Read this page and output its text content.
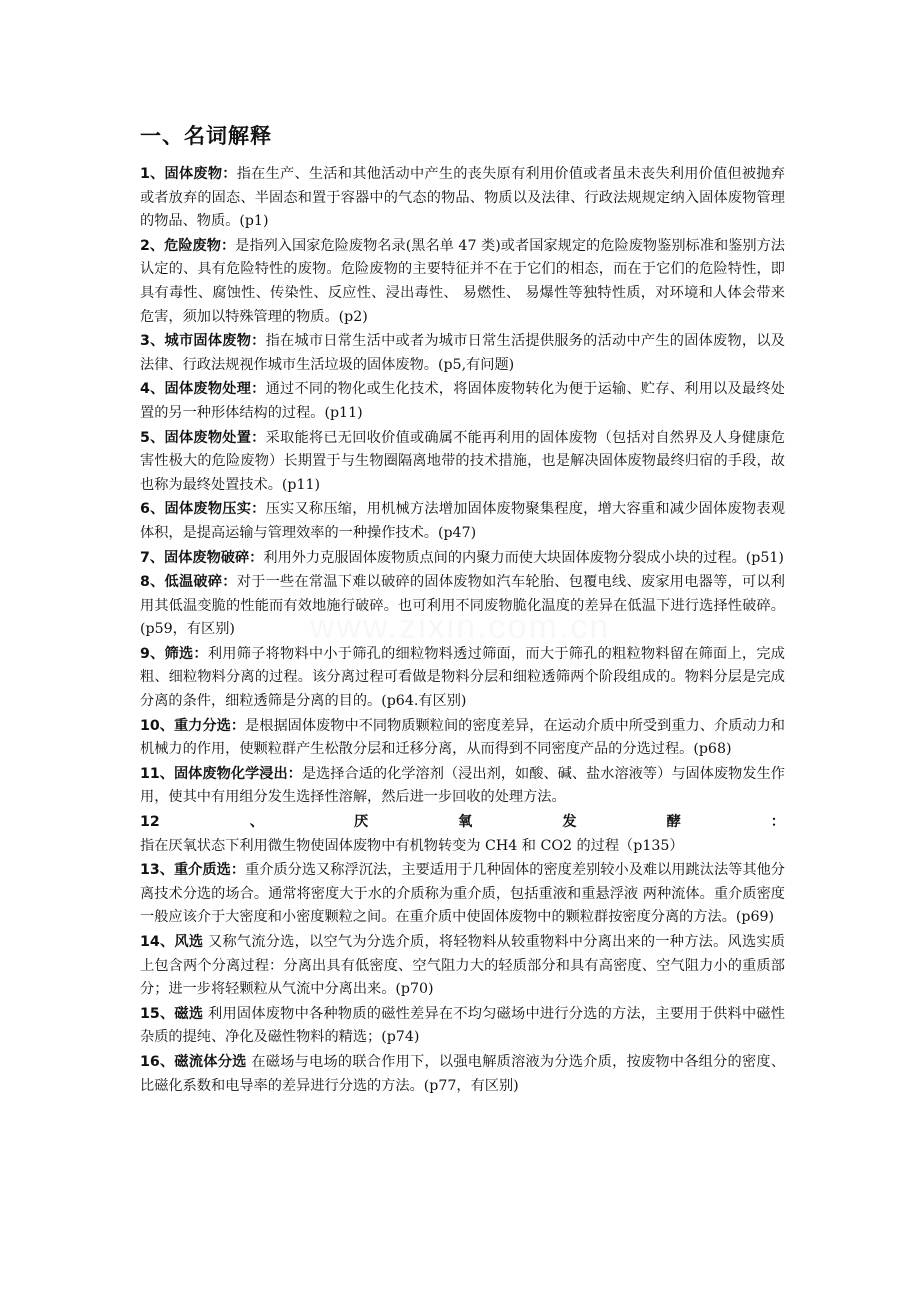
www.zixin.com.cn
一、名词解释

1、固体废物：指在生产、生活和其他活动中产生的丧失原有利用价值或者虽未丧失利用价值但被抛弃或者放弃的固态、半固态和置于容器中的气态的物品、物质以及法律、行政法规规定纳入固体废物管理的物品、物质。(p1)

2、危险废物：是指列入国家危险废物名录(黑名单 47 类)或者国家规定的危险废物鉴别标准和鉴别方法认定的、具有危险特性的废物。危险废物的主要特征并不在于它们的相态，而在于它们的危险特性，即具有毒性、腐蚀性、传染性、反应性、浸出毒性、 易燃性、 易爆性等独特性质，对环境和人体会带来危害，须加以特殊管理的物质。(p2)

3、城市固体废物：指在城市日常生活中或者为城市日常生活提供服务的活动中产生的固体废物，以及法律、行政法规视作城市生活垃圾的固体废物。(p5,有问题)

4、固体废物处理：通过不同的物化或生化技术，将固体废物转化为便于运输、贮存、利用以及最终处置的另一种形体结构的过程。(p11)

5、固体废物处置：采取能将已无回收价值或确属不能再利用的固体废物（包括对自然界及人身健康危害性极大的危险废物）长期置于与生物圈隔离地带的技术措施，也是解决固体废物最终归宿的手段，故也称为最终处置技术。(p11)

6、固体废物压实：压实又称压缩，用机械方法增加固体废物聚集程度，增大容重和减少固体废物表观体积，是提高运输与管理效率的一种操作技术。(p47)

7、固体废物破碎：利用外力克服固体废物质点间的内聚力而使大块固体废物分裂成小块的过程。(p51)

8、低温破碎：对于一些在常温下难以破碎的固体废物如汽车轮胎、包覆电线、废家用电器等，可以利用其低温变脆的性能而有效地施行破碎。也可利用不同废物脆化温度的差异在低温下进行选择性破碎。(p59，有区别)

9、筛选：利用筛子将物料中小于筛孔的细粒物料透过筛面，而大于筛孔的粗粒物料留在筛面上，完成粗、细粒物料分离的过程。该分离过程可看做是物料分层和细粒透筛两个阶段组成的。物料分层是完成分离的条件，细粒透筛是分离的目的。(p64.有区别)

10、重力分选：是根据固体废物中不同物质颗粒间的密度差异，在运动介质中所受到重力、介质动力和机械力的作用，使颗粒群产生松散分层和迁移分离，从而得到不同密度产品的分选过程。(p68)

11、固体废物化学浸出：是选择合适的化学溶剂（浸出剂，如酸、碱、盐水溶液等）与固体废物发生作用，使其中有用组分发生选择性溶解，然后进一步回收的处理方法。

12、厌氧发酵：指在厌氧状态下利用微生物使固体废物中有机物转变为 CH4 和 CO2 的过程（p135）

13、重介质选：重介质分选又称浮沉法，主要适用于几种固体的密度差别较小及难以用跳汰法等其他分离技术分选的场合。通常将密度大于水的介质称为重介质，包括重液和重悬浮液 两种流体。重介质密度一般应该介于大密度和小密度颗粒之间。在重介质中使固体废物中的颗粒群按密度分离的方法。(p69)

14、风选 又称气流分选，以空气为分选介质，将轻物料从较重物料中分离出来的一种方法。风选实质上包含两个分离过程：分离出具有低密度、空气阻力大的轻质部分和具有高密度、空气阻力小的重质部分；进一步将轻颗粒从气流中分离出来。(p70)

15、磁选 利用固体废物中各种物质的磁性差异在不均匀磁场中进行分选的方法，主要用于供料中磁性杂质的提纯、净化及磁性物料的精选；(p74)

16、磁流体分选 在磁场与电场的联合作用下，以强电解质溶液为分选介质，按废物中各组分的密度、比磁化系数和电导率的差异进行分选的方法。(p77，有区别)
